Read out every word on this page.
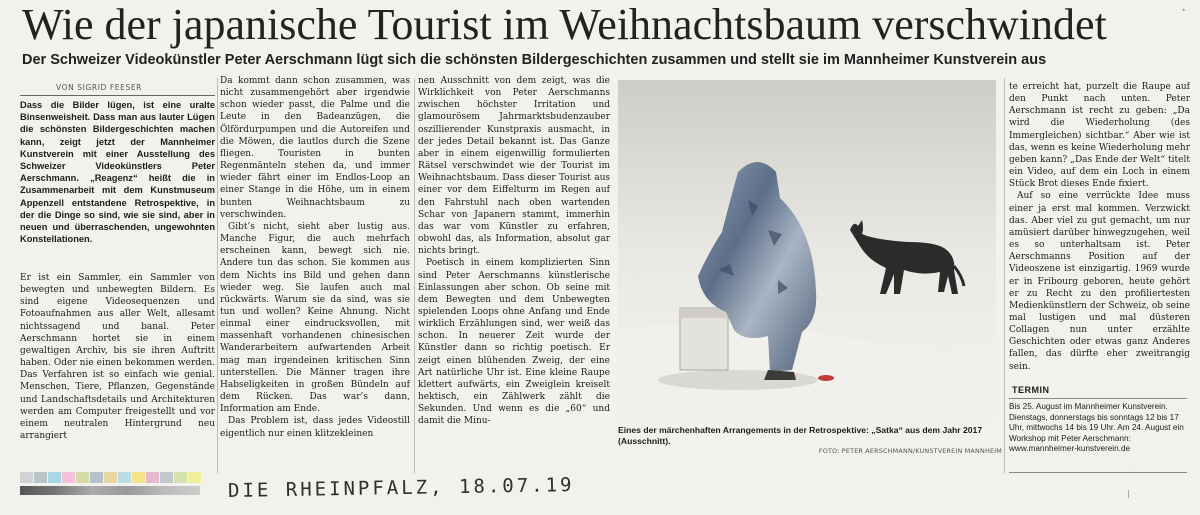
Wie der japanische Tourist im Weihnachtsbaum verschwindet	•
Der Schweizer Videokünstler Peter Aerschmann lügt sich die schönsten Bildergeschichten zusammen und stellt sie im Mannheimer Kunstverein aus
VON SIGRID FEESER

Dass die Bilder lügen, ist eine uralte Binsenweisheit. Dass man aus lauter Lügen die schönsten Bildergeschichten machen kann, zeigt jetzt der Mannheimer Kunstverein mit einer Ausstellung des Schweizer Videokünstlers Peter Aerschmann. „Reagenz“ heißt die in Zusammenarbeit mit dem Kunstmuseum Appenzell entstandene Retrospektive, in der die Dinge so sind, wie sie sind, aber in neuen und überraschenden, ungewohnten Konstellationen.

Er ist ein Sammler, ein Sammler von bewegten und unbewegten Bildern. Es sind eigene Videosequenzen und Fotoaufnahmen aus aller Welt, allesamt nichtssagend und banal. Peter Aerschmann hortet sie in einem gewaltigen Archiv, bis sie ihren Auftritt haben. Oder nie einen bekommen werden. Das Verfahren ist so einfach wie genial. Menschen, Tiere, Pflanzen, Gegenstände und Landschaftsdetails und Architekturen werden am Computer freigestellt und vor einem neutralen Hintergrund neu arrangiert

Da kommt dann schon zusammen, was nicht zusammengehört aber irgendwie schon wieder passt, die Palme und die Leute in den Badeanzügen, die Ölfördurpumpen und die Autoreifen und die Möwen, die lautlos durch die Szene fliegen. Touristen in bunten Regenmänteln stehen da, und immer wieder fährt einer im Endlos-Loop an einer Stange in die Höhe, um in einem bunten Weihnachtsbaum zu verschwinden.

Gibt’s nicht, sieht aber lustig aus. Manche Figur, die auch mehrfach erscheinen kann, bewegt sich nie. Andere tun das schon. Sie kommen aus dem Nichts ins Bild und gehen dann wieder weg. Sie laufen auch mal rückwärts. Warum sie da sind, was sie tun und wollen? Keine Ahnung. Nicht einmal einer eindrucksvollen, mit massenhaft vorhandenen chinesischen Wanderarbeitern aufwartenden Arbeit mag man irgendeinen kritischen Sinn unterstellen. Die Männer tragen ihre Habseligkeiten in großen Bündeln auf dem Rücken. Das war’s dann, Information am Ende.

Das Problem ist, dass jedes Videostill eigentlich nur einen klitzekleinen

nen Ausschnitt von dem zeigt, was die Wirklichkeit von Peter Aerschmanns zwischen höchster Irritation und glamourösem Jahrmarktsbudenzauber oszillierender Kunstpraxis ausmacht, in der jedes Detail bekannt ist. Das Ganze aber in einem eigenwillig formulierten Rätsel verschwindet wie der Tourist im Weihnachtsbaum. Dass dieser Tourist aus einer vor dem Eiffelturm im Regen auf den Fahrstuhl nach oben wartenden Schar von Japanern stammt, immerhin das war vom Künstler zu erfahren, obwohl das, als Information, absolut gar nichts bringt.

Poetisch in einem komplizierten Sinn sind Peter Aerschmanns künstlerische Einlassungen aber schon. Ob seine mit dem Bewegten und dem Unbewegten spielenden Loops ohne Anfang und Ende wirklich Erzählungen sind, wer weiß das schon. In neuerer Zeit wurde der Künstler dann so richtig poetisch. Er zeigt einen blühenden Zweig, der eine Art natürliche Uhr ist. Eine kleine Raupe klettert aufwärts, ein Zweiglein kreiselt hektisch, ein Zählwerk zählt die Sekunden. Und wenn es die „60“ und damit die Minu-

Eines der märchenhaften Arrangements in der Retrospektive: „Satka“ aus dem Jahr 2017 (Ausschnitt).
FOTO: PETER AERSCHMANN/KUNSTVEREIN MANNHEIM

te erreicht hat, purzelt die Raupe auf den Punkt nach unten. Peter Aerschmann ist recht zu geben: „Da wird die Wiederholung (des Immergleichen) sichtbar.“ Aber wie ist das, wenn es keine Wiederholung mehr geben kann? „Das Ende der Welt“ titelt ein Video, auf dem ein Loch in einem Stück Brot dieses Ende fixiert.

Auf so eine verrückte Idee muss einer ja erst mal kommen. Verzwickt das. Aber viel zu gut gemacht, um nur amüsiert darüber hinwegzugehen, weil es so unterhaltsam ist. Peter Aerschmanns Position auf der Videoszene ist einzigartig. 1969 wurde er in Fribourg geboren, heute gehört er zu Recht zu den profiliertesten Medienkünstlern der Schweiz, ob seine mal lustigen und mal düsteren Collagen nun unter erzählte Geschichten oder etwas ganz Anderes fallen, das dürfte eher zweitrangig sein.

TERMIN
Bis 25. August im Mannheimer Kunstverein. Dienstags, donnerstags bis sonntags 12 bis 17 Uhr, mittwochs 14 bis 19 Uhr. Am 24. August ein Workshop mit Peter Aerschmann: www.mannheimer-kunstverein.de
DIE RHEINPFALZ, 18.07.19
·
